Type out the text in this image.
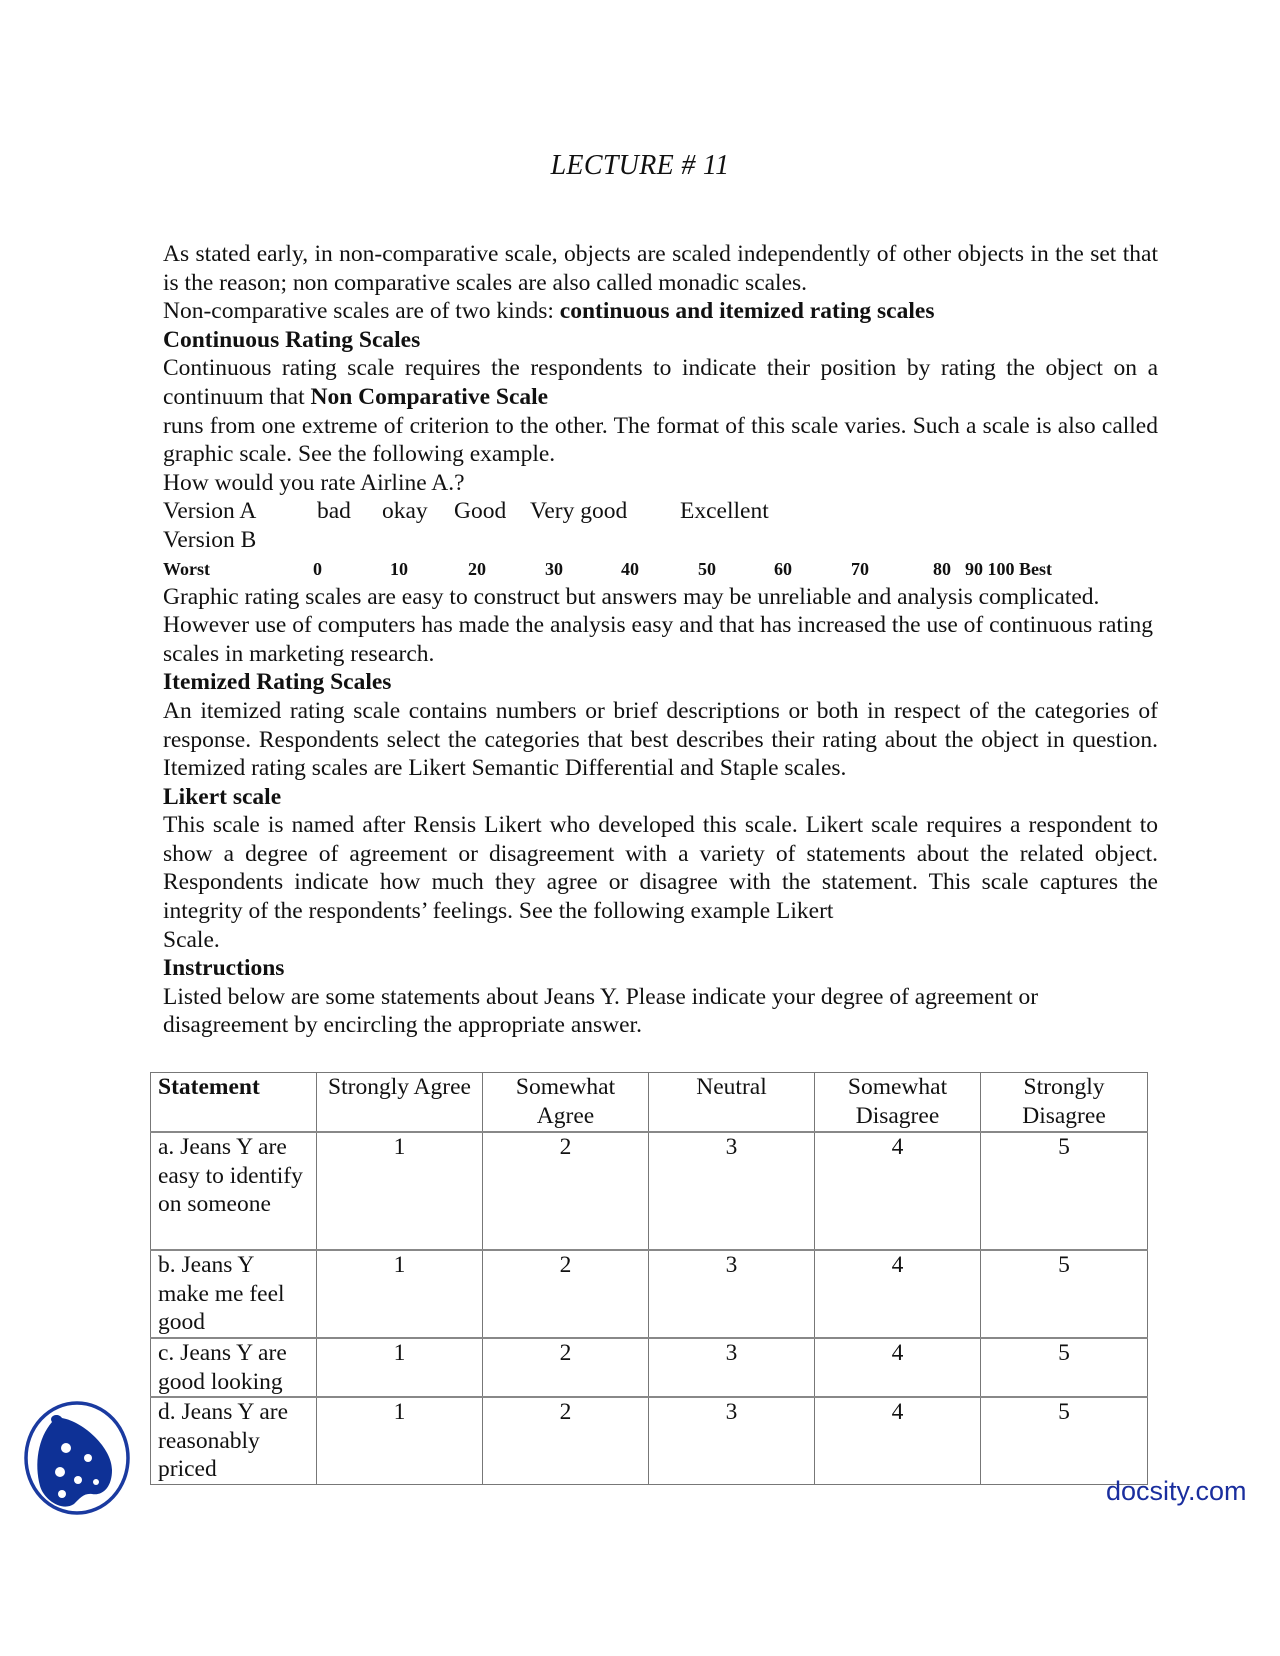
LECTURE # 11

As stated early, in non-comparative scale, objects are scaled independently of other objects in the set that is the reason; non comparative scales are also called monadic scales.

Non-comparative scales are of two kinds: continuous and itemized rating scales

Continuous Rating Scales

Continuous rating scale requires the respondents to indicate their position by rating the object on a continuum that Non Comparative Scale

runs from one extreme of criterion to the other. The format of this scale varies. Such a scale is also called graphic scale. See the following example.

How would you rate Airline A.?

Version A	bad	okay	Good	Very good	Excellent

Version B

Worst	0	10	20	30	40	50	60	70	80 90 100 Best

Graphic rating scales are easy to construct but answers may be unreliable and analysis complicated. However use of computers has made the analysis easy and that has increased the use of continuous rating scales in marketing research.

Itemized Rating Scales

An itemized rating scale contains numbers or brief descriptions or both in respect of the categories of response. Respondents select the categories that best describes their rating about the object in question. Itemized rating scales are Likert Semantic Differential and Staple scales.

Likert scale

This scale is named after Rensis Likert who developed this scale. Likert scale requires a respondent to show a degree of agreement or disagreement with a variety of statements about the related object. Respondents indicate how much they agree or disagree with the statement. This scale captures the integrity of the respondents’ feelings. See the following example Likert

Scale.

Instructions

Listed below are some statements about Jeans Y. Please indicate your degree of agreement or disagreement by encircling the appropriate answer.

Statement	Strongly Agree	Somewhat Agree	Neutral	Somewhat Disagree	Strongly Disagree
a. Jeans Y are easy to identify on someone	1	2	3	4	5
b. Jeans Y make me feel good	1	2	3	4	5
c. Jeans Y are good looking	1	2	3	4	5
d. Jeans Y are reasonably priced	1	2	3	4	5
docsity.com
